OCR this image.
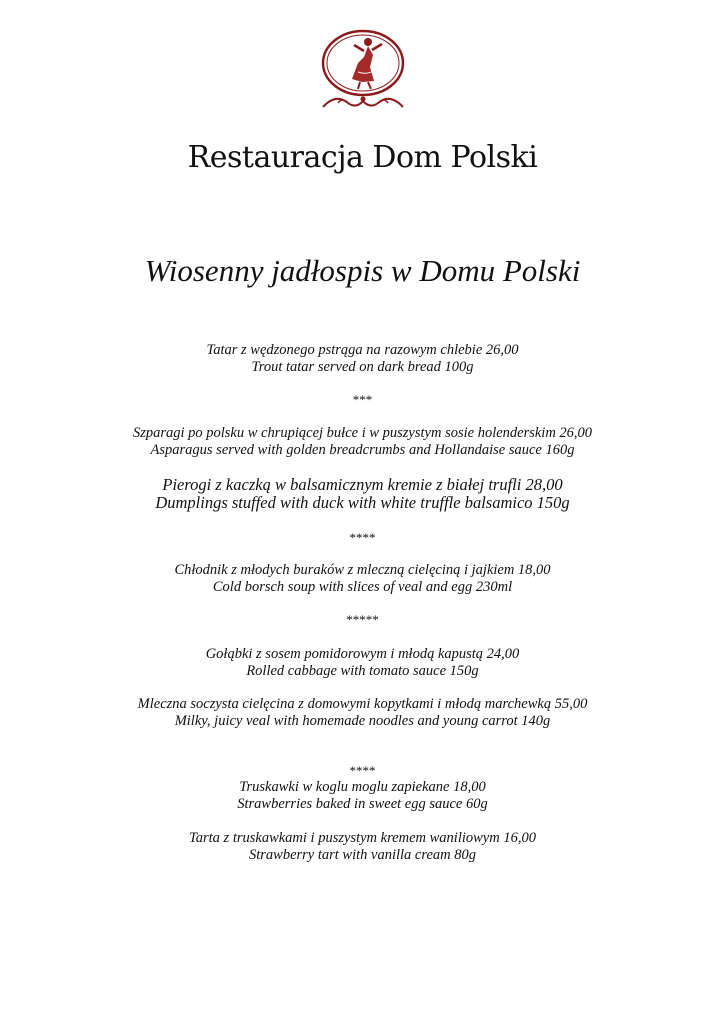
Restauracja Dom Polski
Wiosenny jadłospis w Domu Polski
Tatar z wędzonego pstrąga na razowym chlebie 26,00
Trout tatar served on dark bread 100g
***
Szparagi po polsku w chrupiącej bułce i w puszystym sosie holenderskim 26,00
Asparagus served with golden breadcrumbs and Hollandaise sauce 160g
Pierogi z kaczką w balsamicznym kremie z białej trufli 28,00
Dumplings stuffed with duck with white truffle balsamico 150g
****
Chłodnik z młodych buraków z mleczną cielęciną i jajkiem 18,00
Cold borsch soup with slices of veal and egg 230ml
*****
Gołąbki z sosem pomidorowym i młodą kapustą 24,00
Rolled cabbage with tomato sauce 150g
Mleczna soczysta cielęcina z domowymi kopytkami i młodą marchewką 55,00
Milky, juicy veal with homemade noodles and young carrot 140g
****
Truskawki w koglu moglu zapiekane 18,00
Strawberries baked in sweet egg sauce 60g
Tarta z truskawkami i puszystym kremem waniliowym 16,00
Strawberry tart with vanilla cream 80g
